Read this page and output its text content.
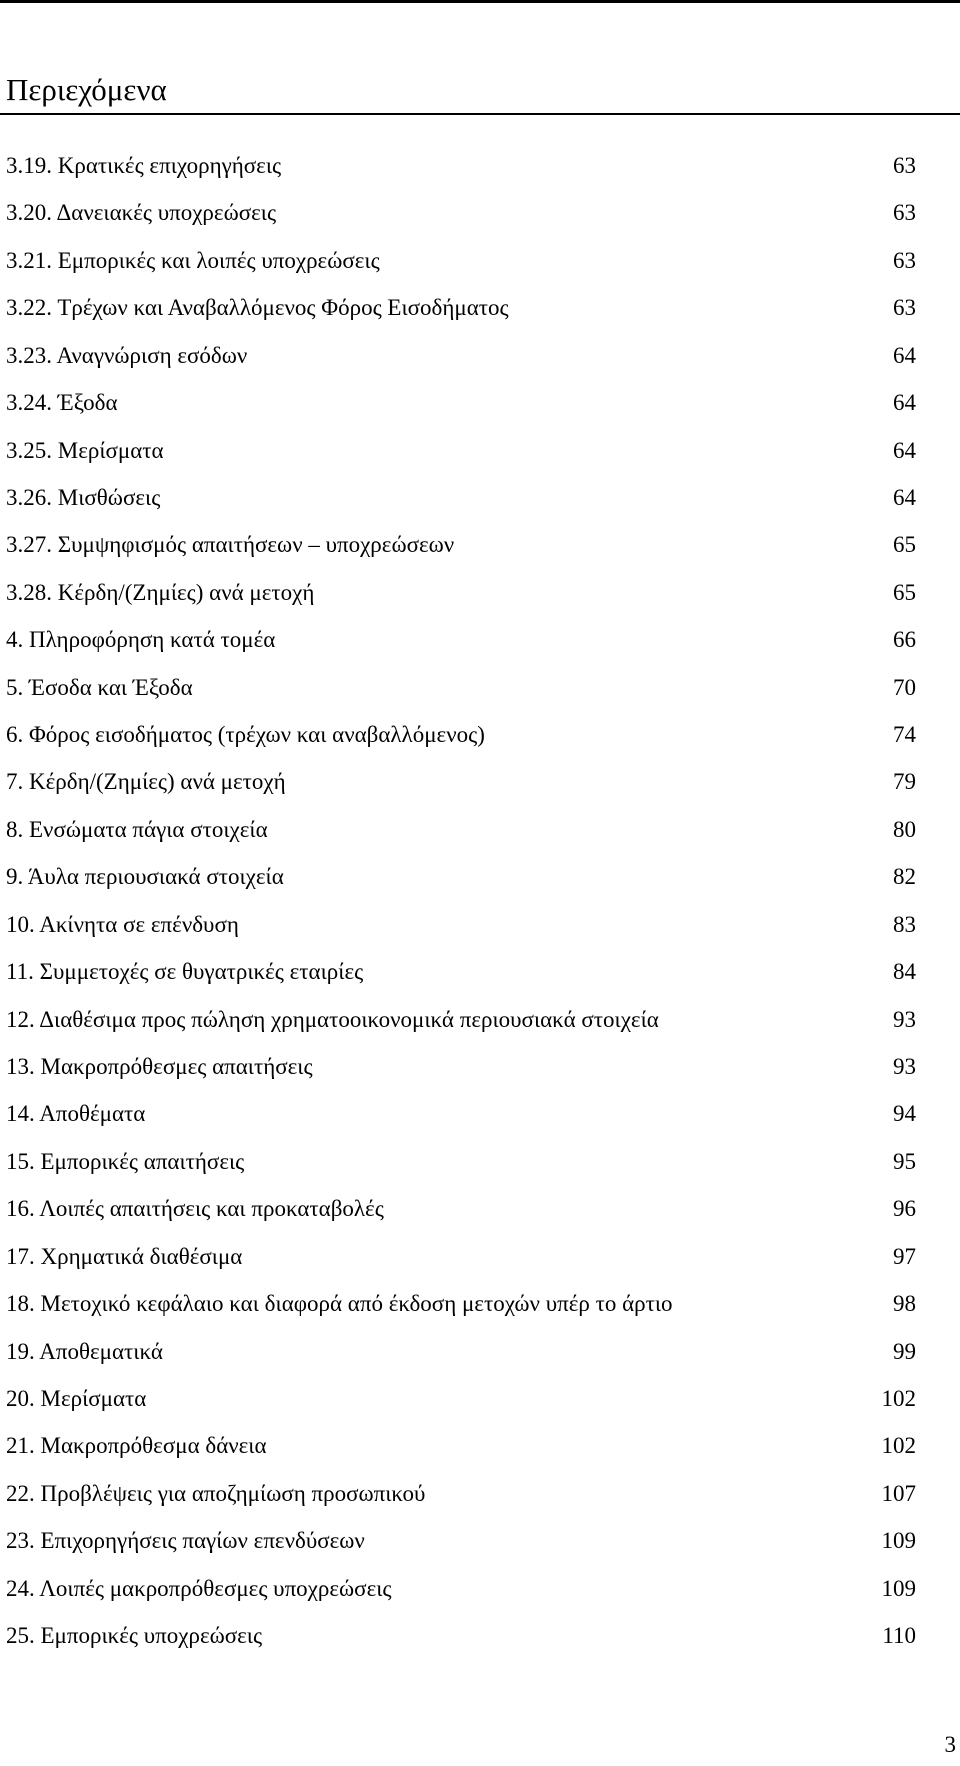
Περιεχόμενα
3.19. Κρατικές επιχορηγήσεις	63
3.20. Δανειακές υποχρεώσεις	63
3.21. Εμπορικές και λοιπές υποχρεώσεις	63
3.22. Τρέχων και Αναβαλλόμενος Φόρος Εισοδήματος	63
3.23. Αναγνώριση εσόδων	64
3.24. Έξοδα	64
3.25. Μερίσματα	64
3.26. Μισθώσεις	64
3.27. Συμψηφισμός απαιτήσεων – υποχρεώσεων	65
3.28. Κέρδη/(Ζημίες) ανά μετοχή	65
4. Πληροφόρηση κατά τομέα	66
5. Έσοδα και Έξοδα	70
6. Φόρος εισοδήματος (τρέχων και αναβαλλόμενος)	74
7. Κέρδη/(Ζημίες) ανά μετοχή	79
8. Ενσώματα πάγια στοιχεία	80
9. Άυλα περιουσιακά στοιχεία	82
10. Ακίνητα σε επένδυση	83
11. Συμμετοχές σε θυγατρικές εταιρίες	84
12. Διαθέσιμα προς πώληση χρηματοοικονομικά περιουσιακά στοιχεία	93
13. Μακροπρόθεσμες απαιτήσεις	93
14. Αποθέματα	94
15. Εμπορικές απαιτήσεις	95
16. Λοιπές απαιτήσεις και προκαταβολές	96
17. Χρηματικά διαθέσιμα	97
18. Μετοχικό κεφάλαιο και διαφορά από έκδοση μετοχών υπέρ το άρτιο	98
19. Αποθεματικά	99
20. Μερίσματα	102
21. Μακροπρόθεσμα δάνεια	102
22. Προβλέψεις για αποζημίωση προσωπικού	107
23. Επιχορηγήσεις παγίων επενδύσεων	109
24. Λοιπές μακροπρόθεσμες υποχρεώσεις	109
25. Εμπορικές υποχρεώσεις	110
3
